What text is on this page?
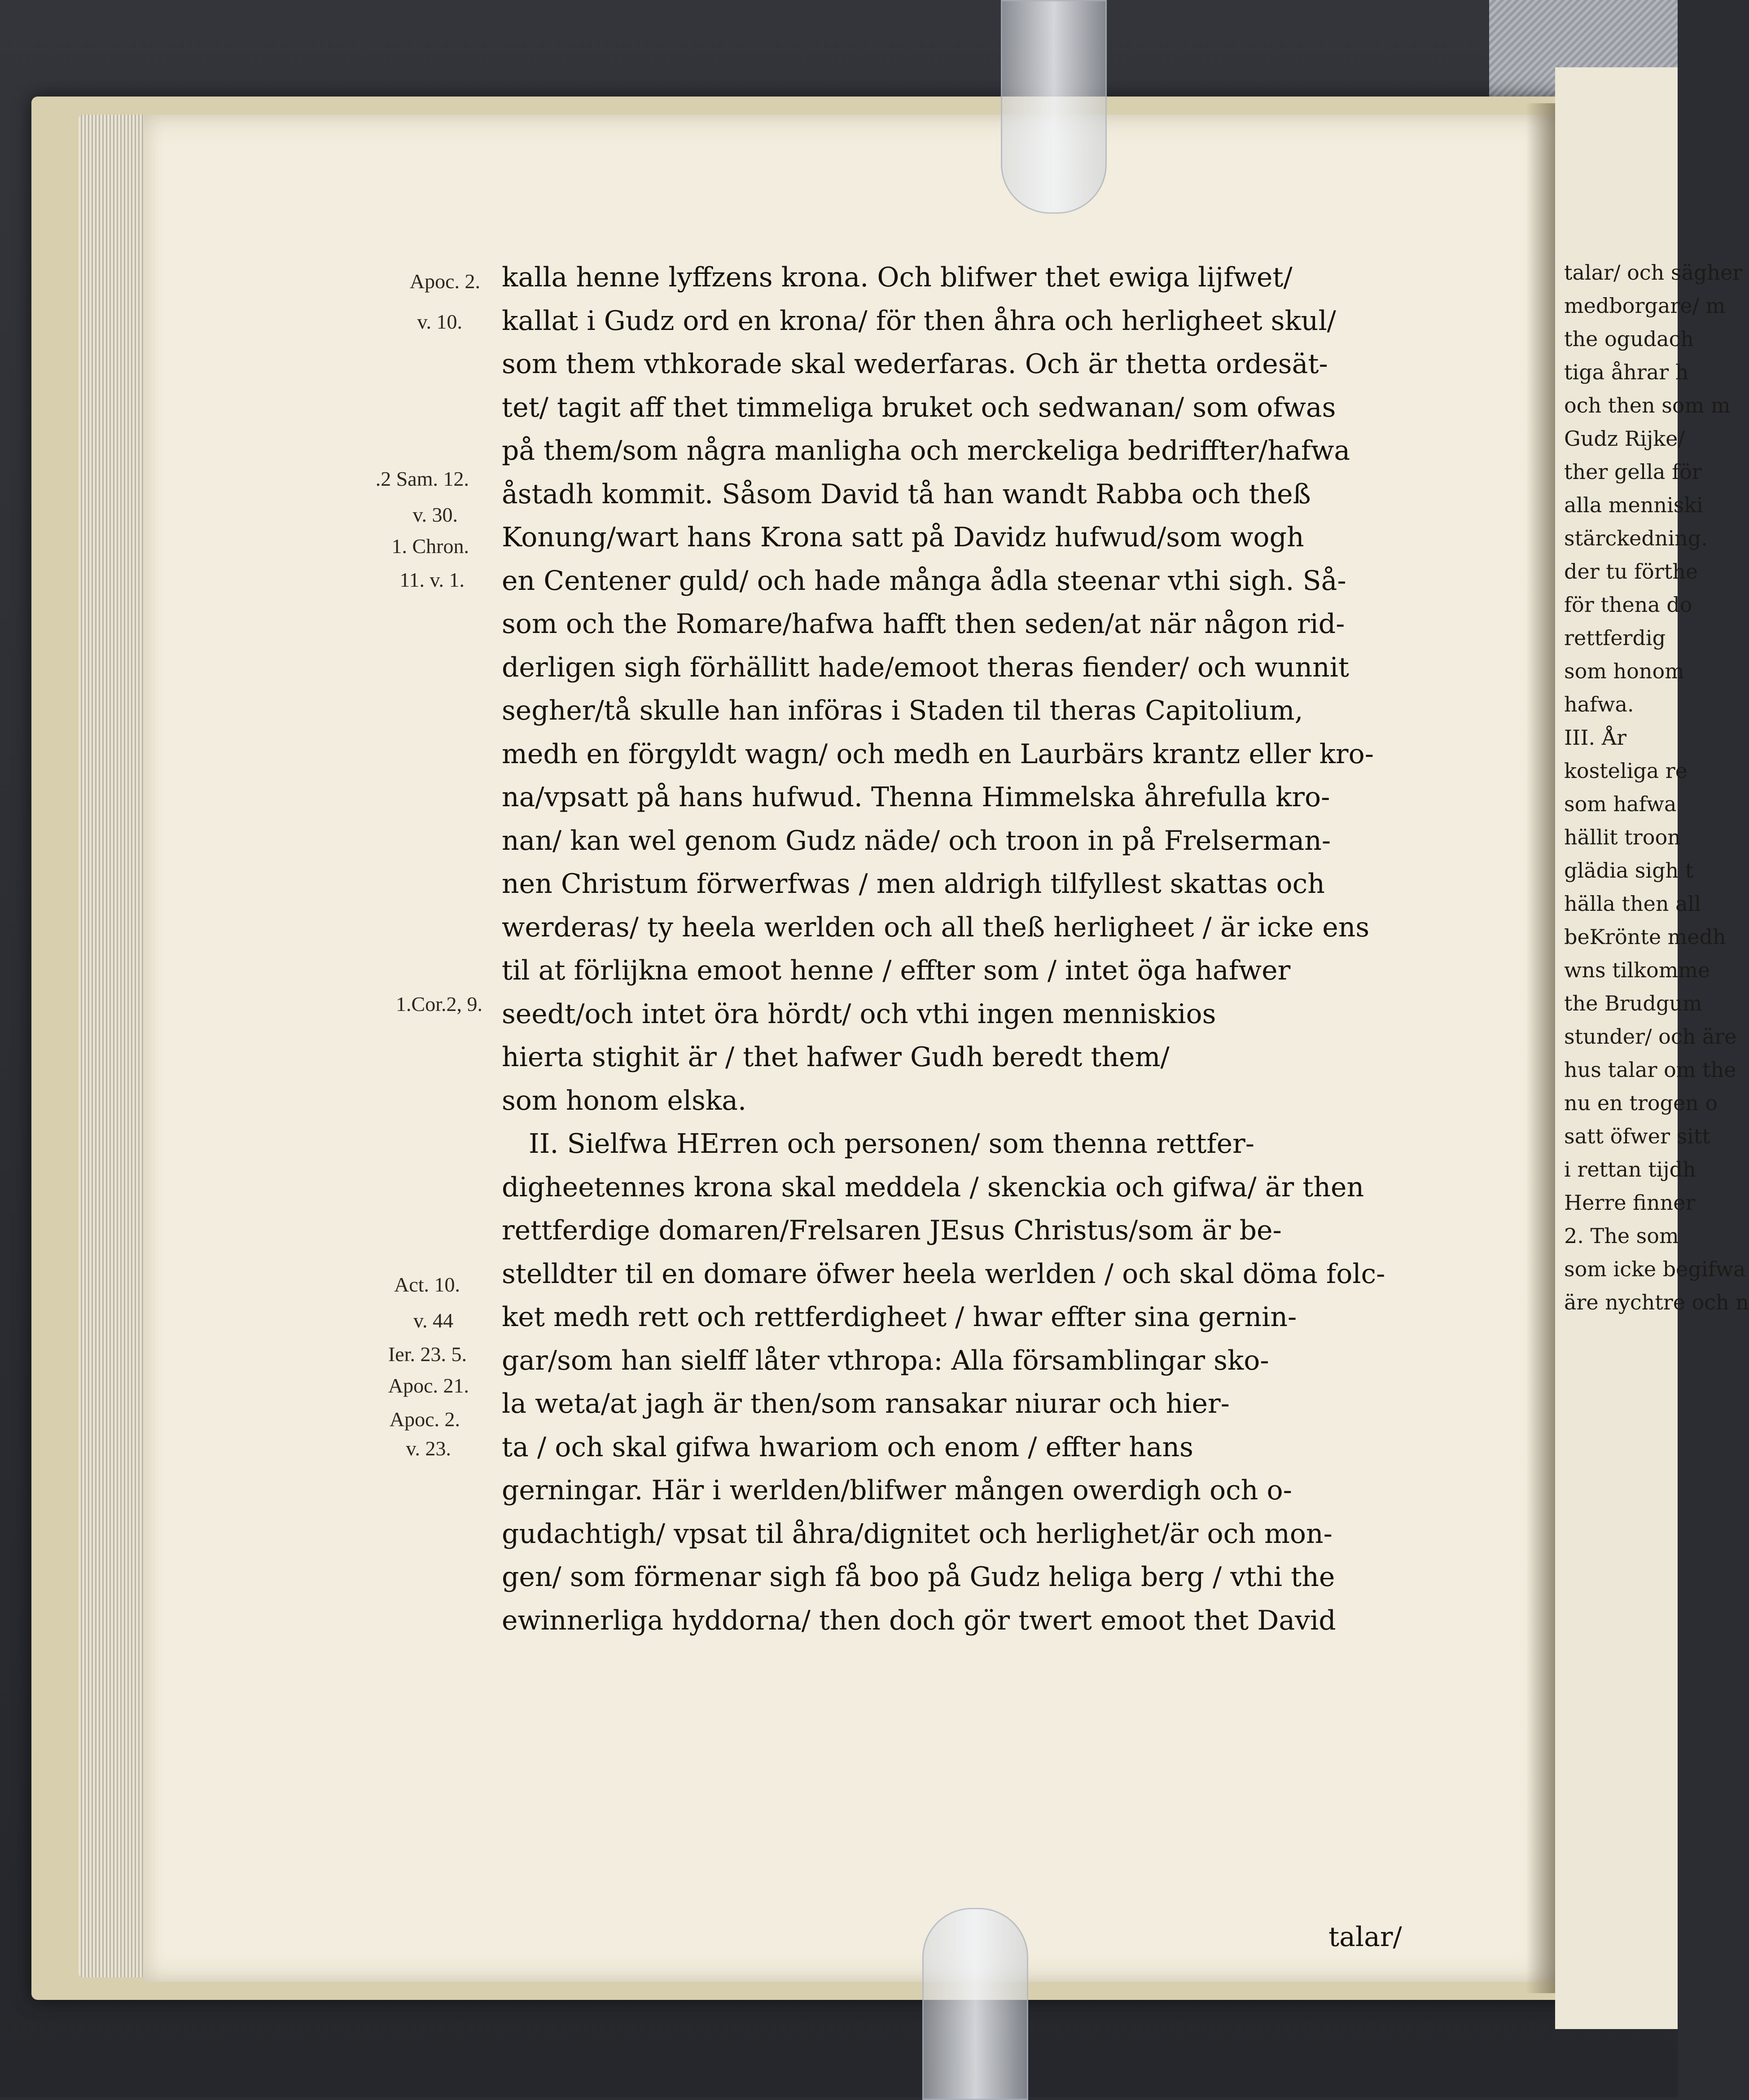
talar/ och sägher
medborgare/ m
the ogudach
tiga åhrar h
och then som m
Gudz Rijke/
ther gella för
alla menniski
stärckedning.
der tu förthe
för thena do
rettferdig
som honom
hafwa.
III. År
kosteliga re
som hafwa
hällit troon
glädia sigh t
hälla then all
beKrönte medh
wns tilkomme
the Brudgum
stunder/ och äre
hus talar om the
nu en trogen o
satt öfwer sitt
i rettan tijdh
Herre finner
2. The som
som icke begifwa
äre nychtre och n
Apoc. 2.
v. 10.
.2 Sam. 12.
v. 30.
1. Chron.
11. v. 1.
1.Cor.2, 9.
Act. 10.
v. 44
Ier. 23. 5.
Apoc. 21.
Apoc. 2.
v. 23.
kalla henne lyffzens krona. Och blifwer thet ewiga lijfwet/
kallat i Gudz ord en krona/ för then åhra och herligheet skul/
som them vthkorade skal wederfaras. Och är thetta ordesät-
tet/ tagit aff thet timmeliga bruket och sedwanan/ som ofwas
på them/som några manligha och merckeliga bedriffter/hafwa
åstadh kommit. Såsom David tå han wandt Rabba och theß
Konung/wart hans Krona satt på Davidz hufwud/som wogh
en Centener guld/ och hade många ådla steenar vthi sigh. Så-
som och the Romare/hafwa hafft then seden/at när någon rid-
derligen sigh förhällitt hade/emoot theras fiender/ och wunnit
segher/tå skulle han införas i Staden til theras Capitolium,
medh en förgyldt wagn/ och medh en Laurbärs krantz eller kro-
na/vpsatt på hans hufwud. Thenna Himmelska åhrefulla kro-
nan/ kan wel genom Gudz näde/ och troon in på Frelserman-
nen Christum förwerfwas / men aldrigh tilfyllest skattas och
werderas/ ty heela werlden och all theß herligheet / är icke ens
til at förlijkna emoot henne / effter som / intet öga hafwer
seedt/och intet öra hördt/ och vthi ingen menniskios
hierta stighit är / thet hafwer Gudh beredt them/
som honom elska.
II. Sielfwa HErren och personen/ som thenna rettfer-
digheetennes krona skal meddela / skenckia och gifwa/ är then
rettferdige domaren/Frelsaren JEsus Christus/som är be-
stelldter til en domare öfwer heela werlden / och skal döma folc-
ket medh rett och rettferdigheet / hwar effter sina gernin-
gar/som han sielff låter vthropa: Alla församblingar sko-
la weta/at jagh är then/som ransakar niurar och hier-
ta / och skal gifwa hwariom och enom / effter hans
gerningar. Här i werlden/blifwer mången owerdigh och o-
gudachtigh/ vpsat til åhra/dignitet och herlighet/är och mon-
gen/ som förmenar sigh få boo på Gudz heliga berg / vthi the
ewinnerliga hyddorna/ then doch gör twert emoot thet David
talar/
